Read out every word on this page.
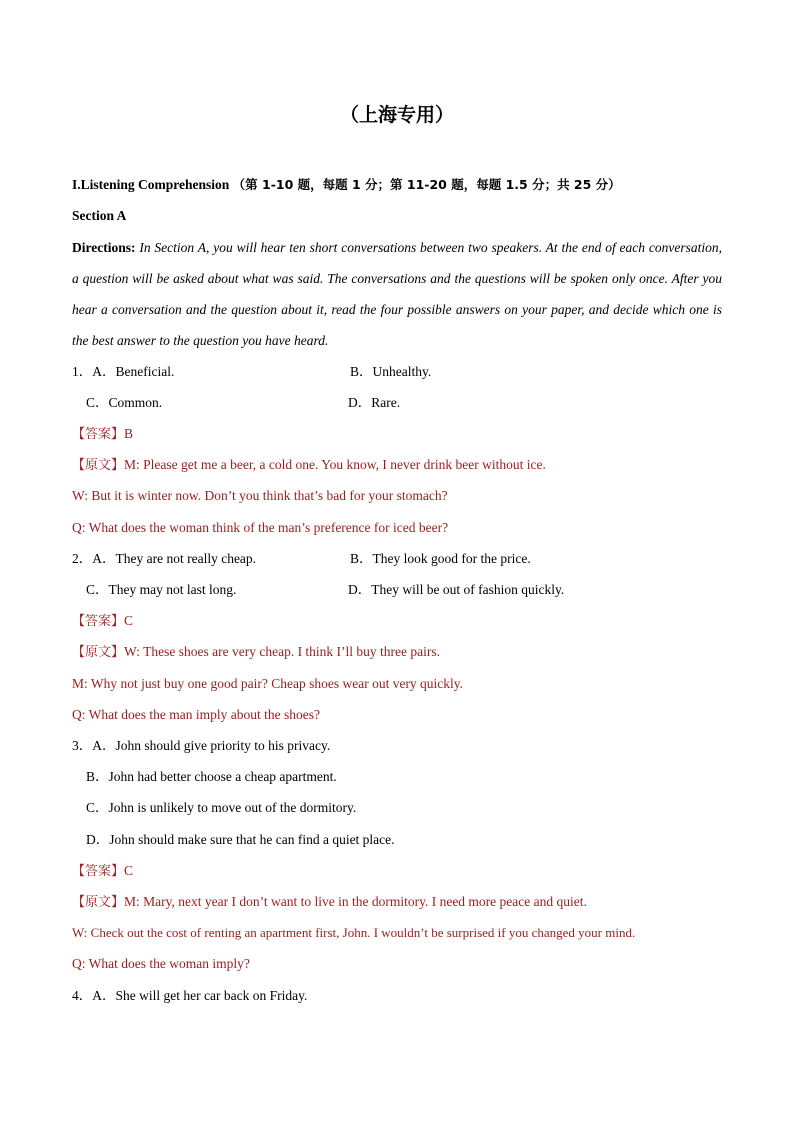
（上海专用）
I.Listening Comprehension （第 1-10 题，每题 1 分；第 11-20 题，每题 1.5 分；共 25 分）
Section A
Directions: In Section A, you will hear ten short conversations between two speakers. At the end of each conversation, a question will be asked about what was said. The conversations and the questions will be spoken only once. After you hear a conversation and the question about it, read the four possible answers on your paper, and decide which one is the best answer to the question you have heard.
1．A．Beneficial.	B．Unhealthy.
C．Common.	D．Rare.
【答案】B
【原文】M: Please get me a beer, a cold one. You know, I never drink beer without ice.
W: But it is winter now. Don’t you think that’s bad for your stomach?
Q: What does the woman think of the man’s preference for iced beer?
2．A．They are not really cheap.	B．They look good for the price.
C．They may not last long.	D．They will be out of fashion quickly.
【答案】C
【原文】W: These shoes are very cheap. I think I’ll buy three pairs.
M: Why not just buy one good pair? Cheap shoes wear out very quickly.
Q: What does the man imply about the shoes?
3．A．John should give priority to his privacy.
B．John had better choose a cheap apartment.
C．John is unlikely to move out of the dormitory.
D．John should make sure that he can find a quiet place.
【答案】C
【原文】M: Mary, next year I don’t want to live in the dormitory. I need more peace and quiet.
W: Check out the cost of renting an apartment first, John. I wouldn’t be surprised if you changed your mind.
Q: What does the woman imply?
4．A．She will get her car back on Friday.
